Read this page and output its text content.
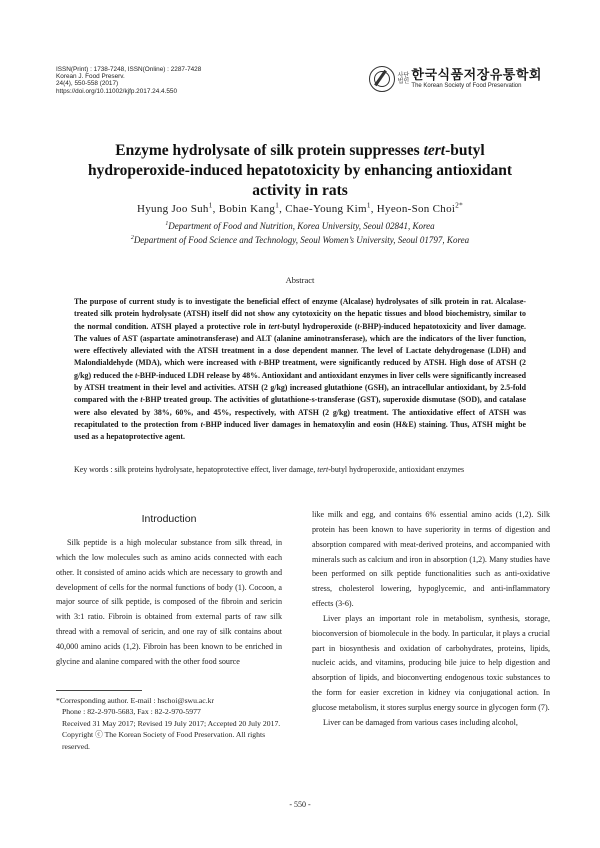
ISSN(Print) : 1738-7248, ISSN(Online) : 2287-7428
Korean J. Food Preserv.
24(4), 550-558 (2017)
https://doi.org/10.11002/kjfp.2017.24.4.550
사단 법인 한국식품저장유통학회
The Korean Society of Food Preservation
Enzyme hydrolysate of silk protein suppresses tert-butyl
hydroperoxide-induced hepatotoxicity by enhancing antioxidant
activity in rats
Hyung Joo Suh$^1$, Bobin Kang$^1$, Chae-Young Kim$^1$, Hyeon-Son Choi$^{2*}$
$^1$Department of Food and Nutrition, Korea University, Seoul 02841, Korea
$^2$Department of Food Science and Technology, Seoul Women’s University, Seoul 01797, Korea
Abstract

The purpose of current study is to investigate the beneficial effect of enzyme (Alcalase) hydrolysates of silk protein in rat. Alcalase-treated silk protein hydrolysate (ATSH) itself did not show any cytotoxicity on the hepatic tissues and blood biochemistry, similar to the normal condition. ATSH played a protective role in tert-butyl hydroperoxide (t-BHP)-induced hepatotoxicity and liver damage. The values of AST (aspartate aminotransferase) and ALT (alanine aminotransferase), which are the indicators of the liver function, were effectively alleviated with the ATSH treatment in a dose dependent manner. The level of Lactate dehydrogenase (LDH) and Malondialdehyde (MDA), which were increased with t-BHP treatment, were significantly reduced by ATSH. High dose of ATSH (2 g/kg) reduced the t-BHP-induced LDH release by 48%. Antioxidant and antioxidant enzymes in liver cells were significantly increased by ATSH treatment in their level and activities. ATSH (2 g/kg) increased glutathione (GSH), an intracellular antioxidant, by 2.5-fold compared with the t-BHP treated group. The activities of glutathione-s-transferase (GST), superoxide dismutase (SOD), and catalase were also elevated by 38%, 60%, and 45%, respectively, with ATSH (2 g/kg) treatment. The antioxidative effect of ATSH was recapitulated to the protection from t-BHP induced liver damages in hematoxylin and eosin (H&E) staining. Thus, ATSH might be used as a hepatoprotective agent.

Key words : silk proteins hydrolysate, hepatoprotective effect, liver damage, tert-butyl hydroperoxide, antioxidant enzymes

Introduction

Silk peptide is a high molecular substance from silk thread, in which the low molecules such as amino acids connected with each other. It consisted of amino acids which are necessary to growth and development of cells for the normal functions of body (1). Cocoon, a major source of silk peptide, is composed of the fibroin and sericin with 3:1 ratio. Fibroin is obtained from external parts of raw silk thread with a removal of sericin, and one ray of silk contains about 40,000 amino acids (1,2). Fibroin has been known to be enriched in glycine and alanine compared with the other food source

like milk and egg, and contains 6% essential amino acids (1,2). Silk protein has been known to have superiority in terms of digestion and absorption compared with meat-derived proteins, and accompanied with minerals such as calcium and iron in absorption (1,2). Many studies have been performed on silk peptide functionalities such as anti-oxidative stress, cholesterol lowering, hypoglycemic, and anti-inflammatory effects (3-6).

Liver plays an important role in metabolism, synthesis, storage, bioconversion of biomolecule in the body. In particular, it plays a crucial part in biosynthesis and oxidation of carbohydrates, proteins, lipids, nucleic acids, and vitamins, producing bile juice to help digestion and absorption of lipids, and bioconverting endogenous toxic substances to the form for easier excretion in kidney via conjugational action. In glucose metabolism, it stores surplus energy source in glycogen form (7).

Liver can be damaged from various cases including alcohol,

*Corresponding author. E-mail : hschoi@swu.ac.kr
Phone : 82-2-970-5683, Fax : 82-2-970-5977
Received 31 May 2017; Revised 19 July 2017; Accepted 20 July 2017.
Copyright ⓒ The Korean Society of Food Preservation. All rights reserved.
- 550 -
